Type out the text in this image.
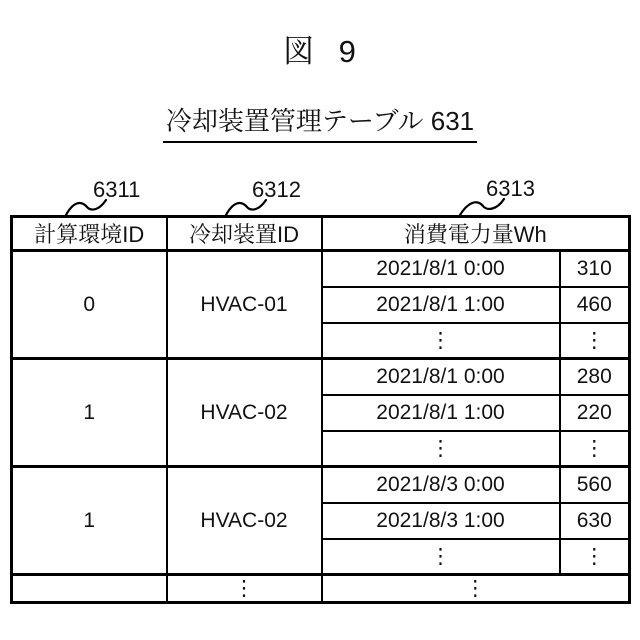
図 9
冷却装置管理テーブル 631
6311	6312	6313
計算環境ID	冷却装置ID	消費電力量Wh	
0	HVAC-01	2021/8/1 0:00	310
		2021/8/1 1:00	460
		⋮	⋮
1	HVAC-02	2021/8/1 0:00	280
		2021/8/1 1:00	220
		⋮	⋮
1	HVAC-02	2021/8/3 0:00	560
		2021/8/3 1:00	630
		⋮	⋮
	⋮	⋮	
